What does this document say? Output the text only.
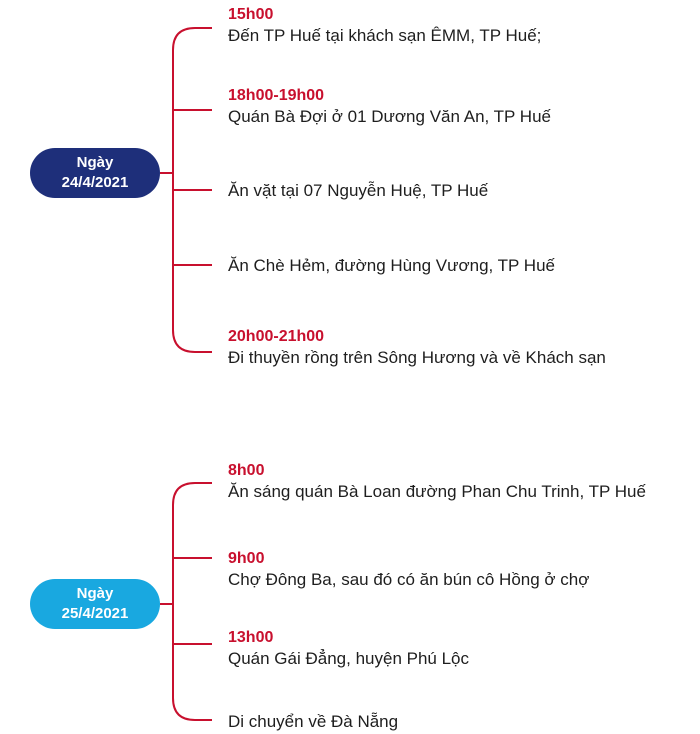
Ngày
24/4/2021
15h00
Đến TP Huế tại khách sạn ÊMM, TP Huế;
18h00-19h00
Quán Bà Đợi ở 01 Dương Văn An, TP Huế
Ăn vặt tại 07 Nguyễn Huệ, TP Huế
Ăn Chè Hẻm, đường Hùng Vương, TP Huế
20h00-21h00
Đi thuyền rồng trên Sông Hương và về Khách sạn
Ngày
25/4/2021
8h00
Ăn sáng quán Bà Loan đường Phan Chu Trinh, TP Huế
9h00
Chợ Đông Ba, sau đó có ăn bún cô Hồng ở chợ
13h00
Quán Gái Đẳng, huyện Phú Lộc
Di chuyển về Đà Nẵng
